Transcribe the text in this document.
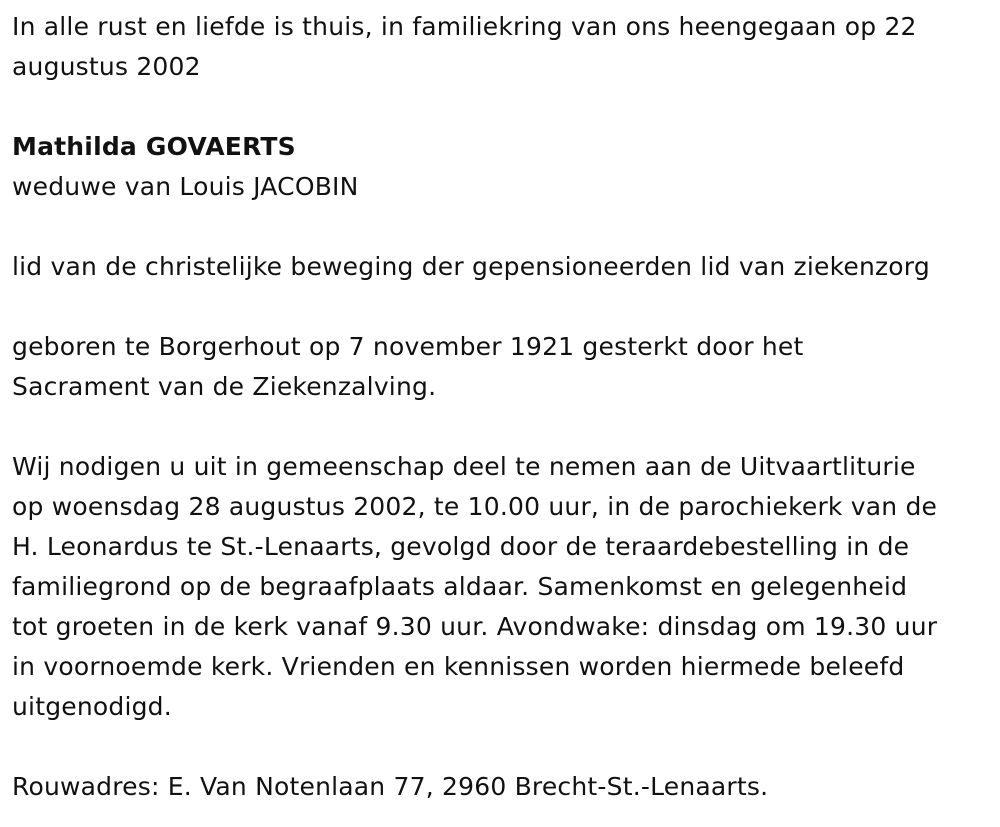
In alle rust en liefde is thuis, in familiekring van ons heengegaan op 22
augustus 2002
Mathilda GOVAERTS
weduwe van Louis JACOBIN
lid van de christelijke beweging der gepensioneerden lid van ziekenzorg
geboren te Borgerhout op 7 november 1921 gesterkt door het
Sacrament van de Ziekenzalving.
Wij nodigen u uit in gemeenschap deel te nemen aan de Uitvaartliturie
op woensdag 28 augustus 2002, te 10.00 uur, in de parochiekerk van de
H. Leonardus te St.-Lenaarts, gevolgd door de teraardebestelling in de
familiegrond op de begraafplaats aldaar. Samenkomst en gelegenheid
tot groeten in de kerk vanaf 9.30 uur. Avondwake: dinsdag om 19.30 uur
in voornoemde kerk. Vrienden en kennissen worden hiermede beleefd
uitgenodigd.
Rouwadres: E. Van Notenlaan 77, 2960 Brecht-St.-Lenaarts.
